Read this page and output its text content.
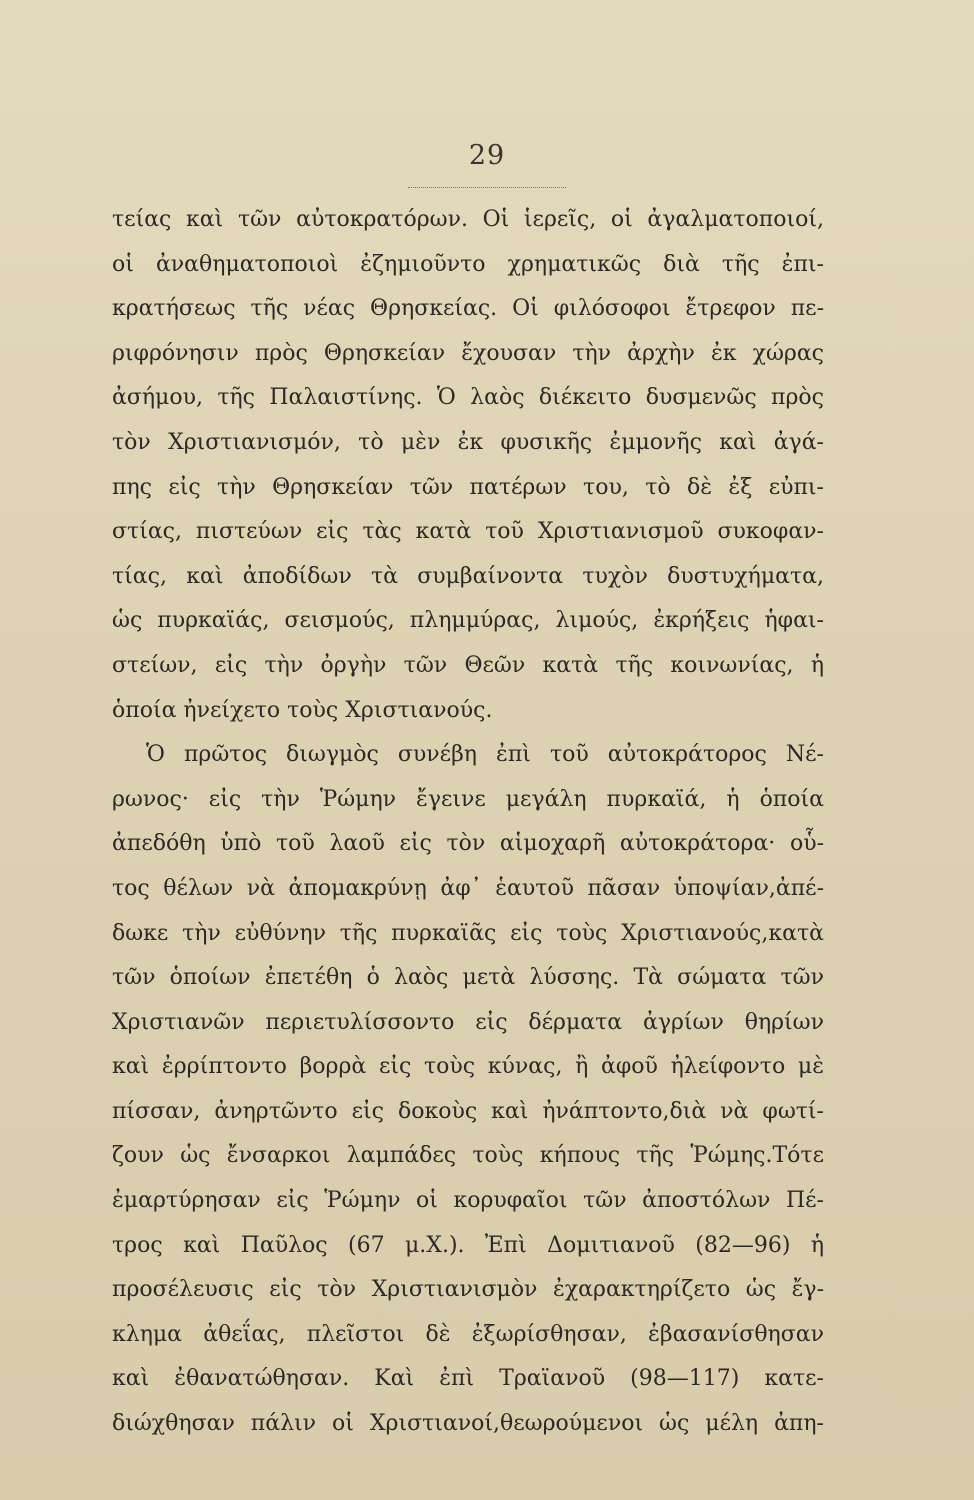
29
τείας καὶ τῶν αὐτοκρατόρων. Οἱ ἱερεῖς, οἱ ἀγαλματοποιοί,
οἱ ἀναθηματοποιοὶ ἐζημιοῦντο χρηματικῶς διὰ τῆς ἐπι-
κρατήσεως τῆς νέας Θρησκείας. Οἱ φιλόσοφοι ἔτρεφον πε-
ριφρόνησιν πρὸς Θρησκείαν ἔχουσαν τὴν ἀρχὴν ἐκ χώρας
ἀσήμου, τῆς Παλαιστίνης. Ὁ λαὸς διέκειτο δυσμενῶς πρὸς
τὸν Χριστιανισμόν, τὸ μὲν ἐκ φυσικῆς ἐμμονῆς καὶ ἀγά-
πης εἰς τὴν Θρησκείαν τῶν πατέρων του, τὸ δὲ ἐξ εὐπι-
στίας, πιστεύων εἰς τὰς κατὰ τοῦ Χριστιανισμοῦ συκοφαν-
τίας, καὶ ἀποδίδων τὰ συμβαίνοντα τυχὸν δυστυχήματα,
ὡς πυρκαϊάς, σεισμούς, πλημμύρας, λιμούς, ἐκρήξεις ἡφαι-
στείων, εἰς τὴν ὀργὴν τῶν Θεῶν κατὰ τῆς κοινωνίας, ἡ
ὁποία ἠνείχετο τοὺς Χριστιανούς.
Ὁ πρῶτος διωγμὸς συνέβη ἐπὶ τοῦ αὐτοκράτορος Νέ-
ρωνος· εἰς τὴν Ῥώμην ἔγεινε μεγάλη πυρκαϊά, ἡ ὁποία
ἀπεδόθη ὑπὸ τοῦ λαοῦ εἰς τὸν αἱμοχαρῆ αὐτοκράτορα· οὗ-
τος θέλων νὰ ἀπομακρύνῃ ἀφ᾽ ἑαυτοῦ πᾶσαν ὑποψίαν,ἀπέ-
δωκε τὴν εὐθύνην τῆς πυρκαϊᾶς εἰς τοὺς Χριστιανούς,κατὰ
τῶν ὁποίων ἐπετέθη ὁ λαὸς μετὰ λύσσης. Τὰ σώματα τῶν
Χριστιανῶν περιετυλίσσοντο εἰς δέρματα ἀγρίων θηρίων
καὶ ἐρρίπτοντο βορρὰ εἰς τοὺς κύνας, ἢ ἀφοῦ ἠλείφοντο μὲ
πίσσαν, ἀνηρτῶντο εἰς δοκοὺς καὶ ἠνάπτοντο,διὰ νὰ φωτί-
ζουν ὡς ἔνσαρκοι λαμπάδες τοὺς κήπους τῆς Ῥώμης.Τότε
ἐμαρτύρησαν εἰς Ῥώμην οἱ κορυφαῖοι τῶν ἀποστόλων Πέ-
τρος καὶ Παῦλος (67 μ.Χ.). Ἐπὶ Δομιτιανοῦ (82—96) ἡ
προσέλευσις εἰς τὸν Χριστιανισμὸν ἐχαρακτηρίζετο ὡς ἔγ-
κλημα ἀθεΐας, πλεῖστοι δὲ ἐξωρίσθησαν, ἐβασανίσθησαν
καὶ ἐθανατώθησαν. Καὶ ἐπὶ Τραϊανοῦ (98—117) κατε-
διώχθησαν πάλιν οἱ Χριστιανοί,θεωρούμενοι ὡς μέλη ἀπη-
